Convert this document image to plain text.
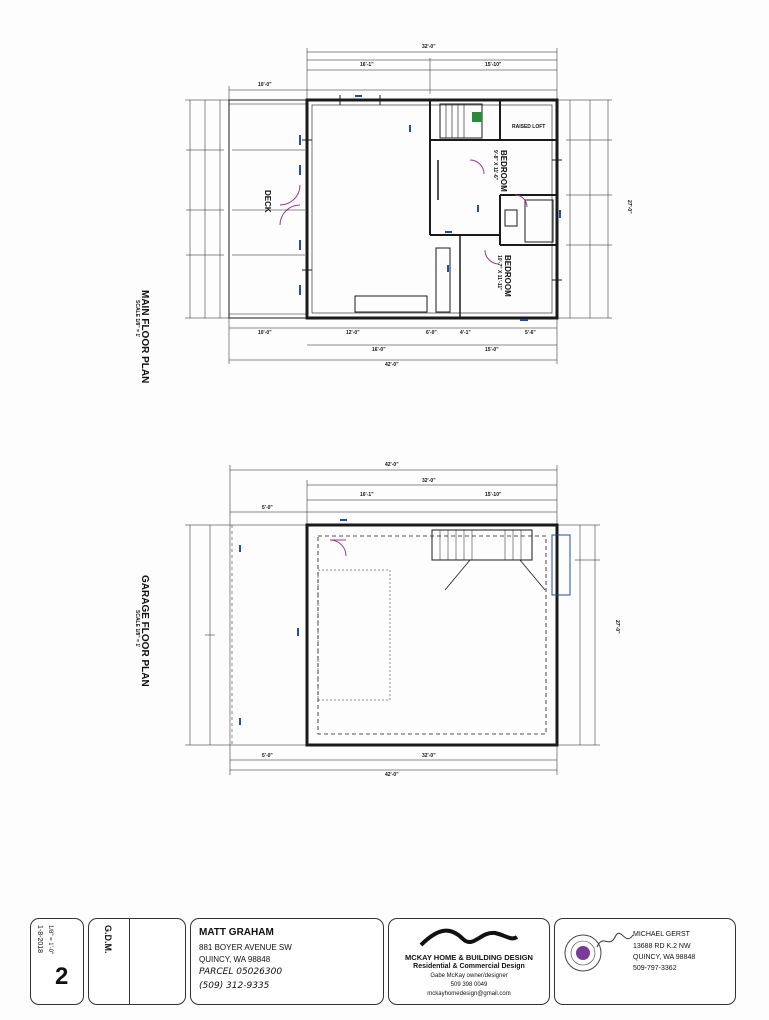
MAIN FLOOR PLAN
SCALE 1/8" = 1'
BEDROOM
9'-8" X 11'-6"
BEDROOM
10'-7" X 11'-11"
RAISED LOFT
DECK
32'-0"
16'-1"	15'-10"
10'-0"
10'-0"	12'-0"	6'-0"	4'-1"	5'-6"
16'-0"	15'-0"
42'-0"
27'-0"
GARAGE FLOOR PLAN
SCALE 1/8" = 1'
42'-0"
32'-0"
16'-1"	15'-10"
5'-0"
5'-0"	32'-0"
42'-0"
27'-0"
1-8-2018 1/8" = 1'-0"
2
G.D.M.	MATT GRAHAM
881 BOYER AVENUE SW
QUINCY, WA 98848
PARCEL 05026300
(509) 312-9335
MCKAY HOME & BUILDING DESIGN
Residential & Commercial Design
Gabe McKay owner/designer
509 398 0049
mckayhomedesign@gmail.com
MICHAEL GERST
13688 RD K.2 NW
QUINCY, WA 98848
509-797-3362
